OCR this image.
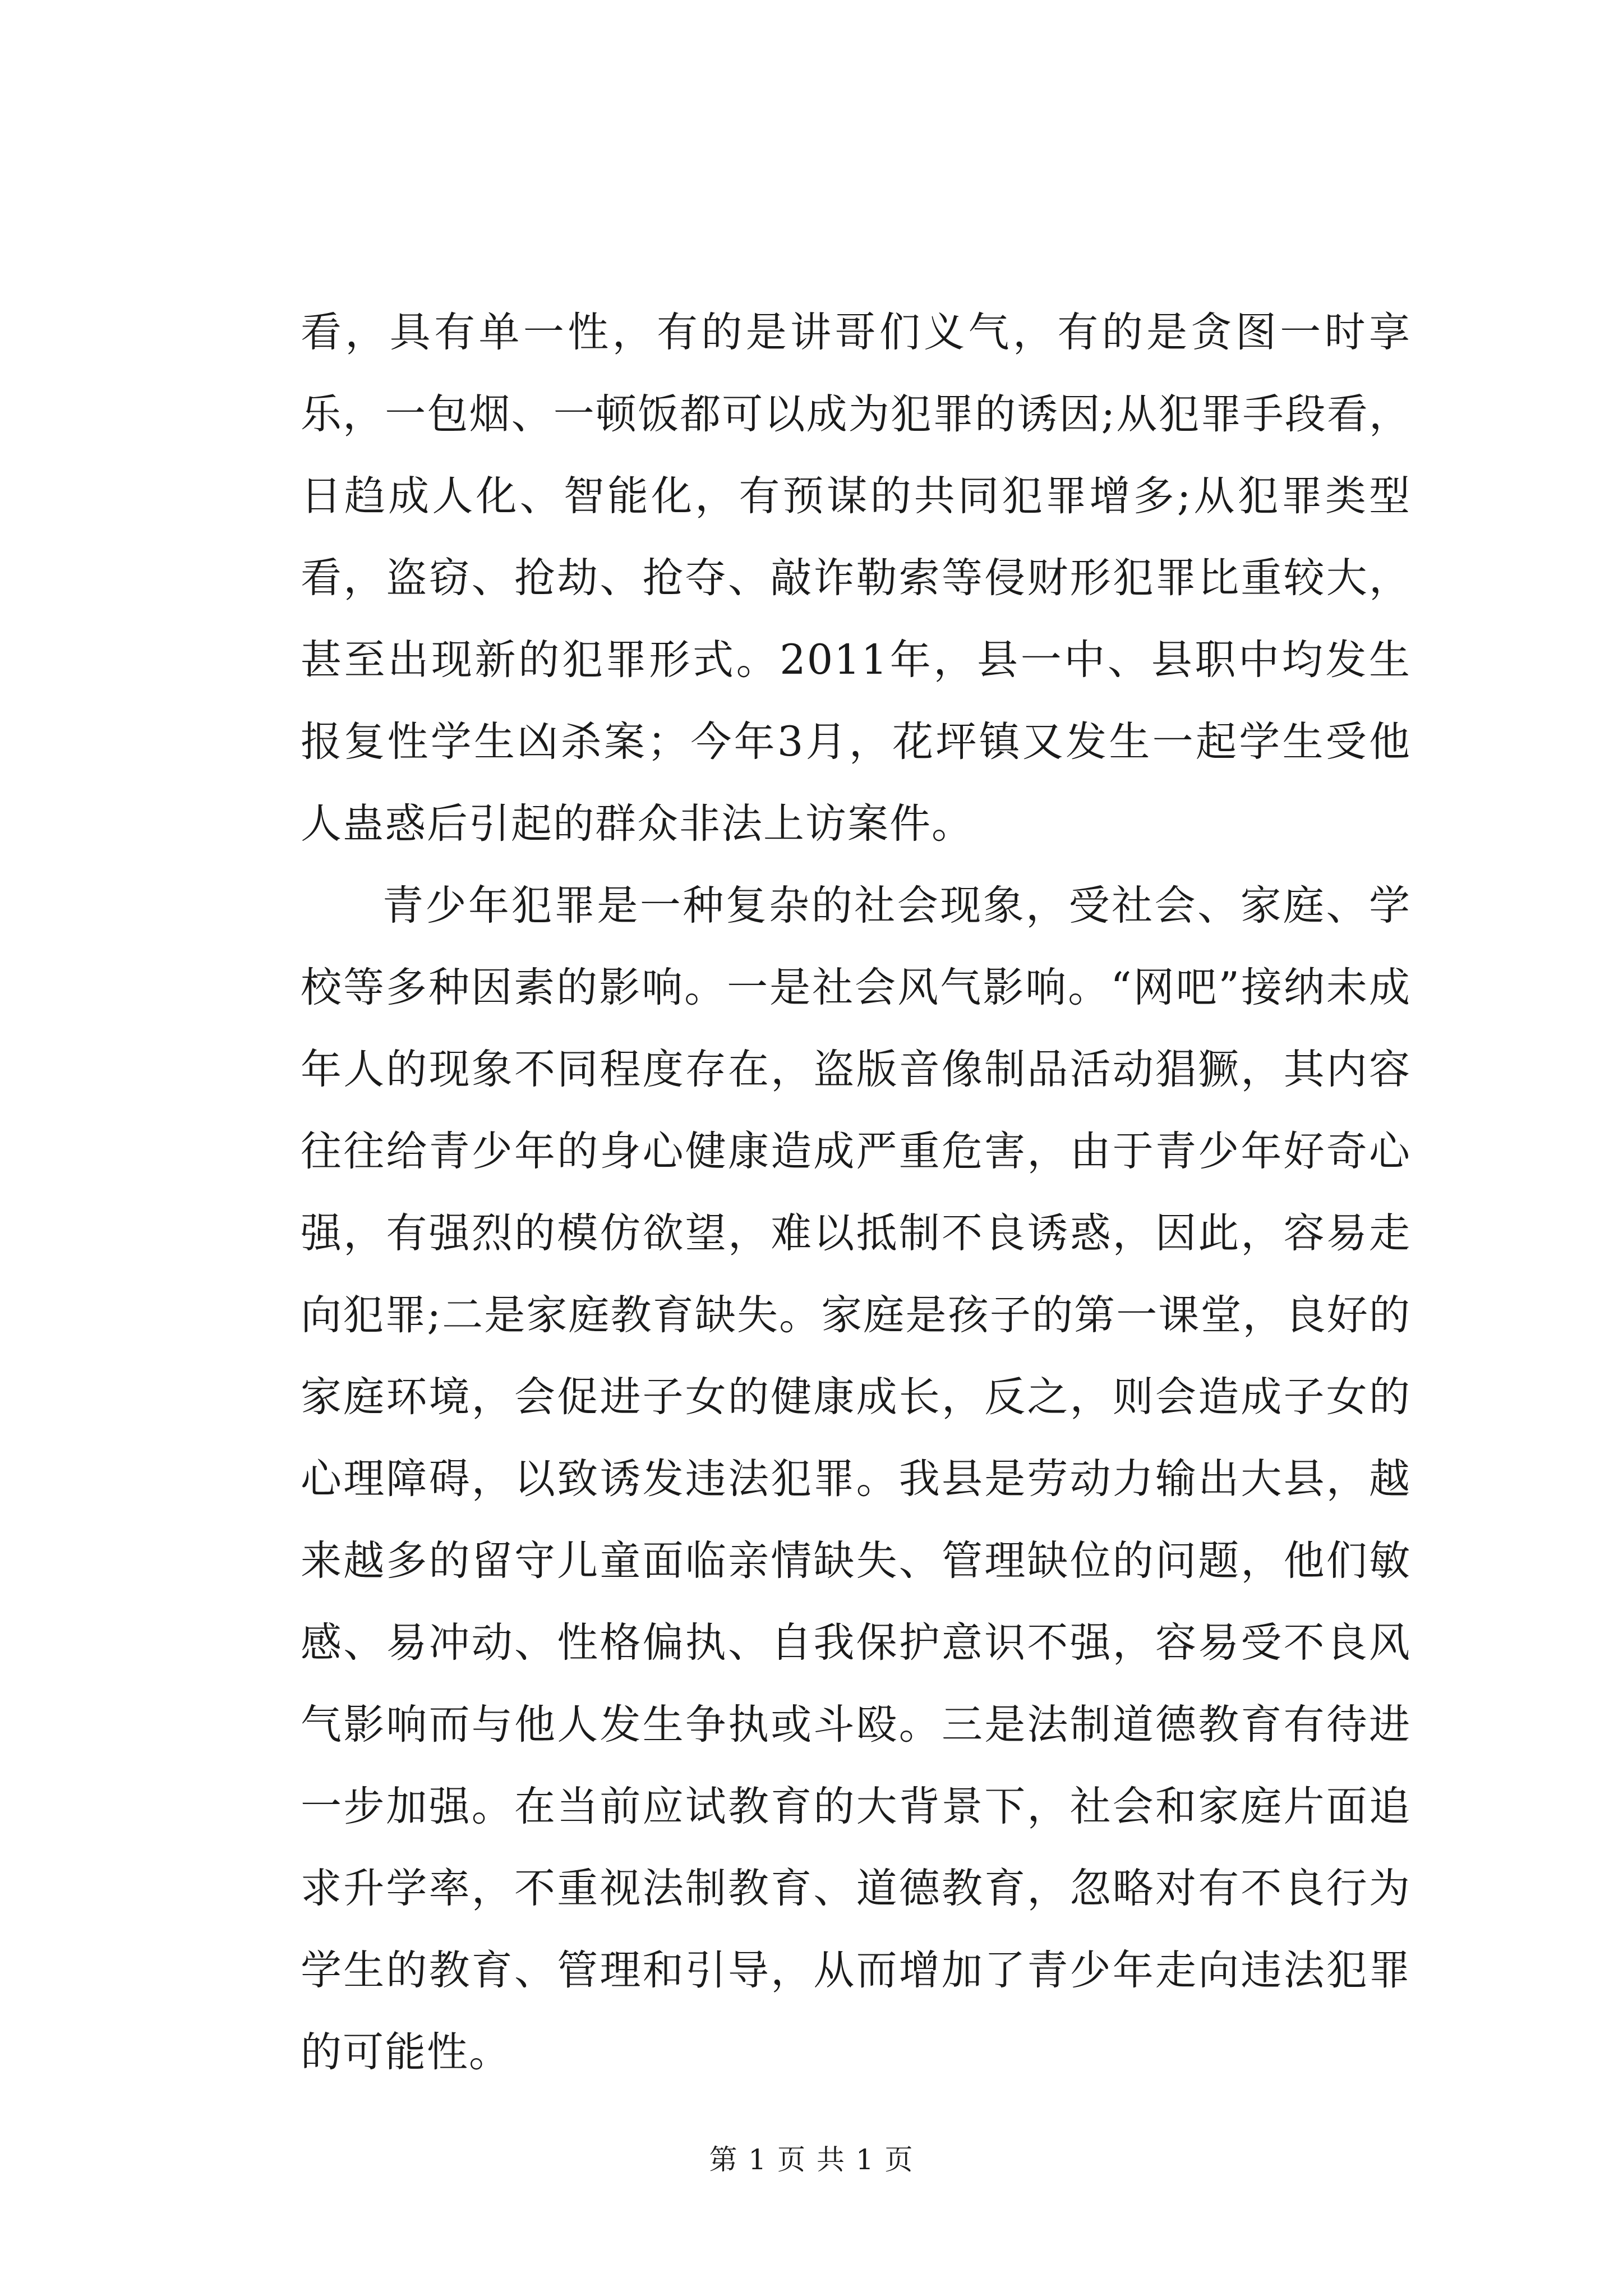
看，具有单一性，有的是讲哥们义气，有的是贪图一时享乐，一包烟、一顿饭都可以成为犯罪的诱因;从犯罪手段看，日趋成人化、智能化，有预谋的共同犯罪增多;从犯罪类型看，盗窃、抢劫、抢夺、敲诈勒索等侵财形犯罪比重较大，甚至出现新的犯罪形式。2011年，县一中、县职中均发生报复性学生凶杀案；今年3月，花坪镇又发生一起学生受他人蛊惑后引起的群众非法上访案件。

青少年犯罪是一种复杂的社会现象，受社会、家庭、学校等多种因素的影响。一是社会风气影响。“网吧”接纳未成年人的现象不同程度存在，盗版音像制品活动猖獗，其内容往往给青少年的身心健康造成严重危害，由于青少年好奇心强，有强烈的模仿欲望，难以抵制不良诱惑，因此，容易走向犯罪;二是家庭教育缺失。家庭是孩子的第一课堂，良好的家庭环境，会促进子女的健康成长，反之，则会造成子女的心理障碍，以致诱发违法犯罪。我县是劳动力输出大县，越来越多的留守儿童面临亲情缺失、管理缺位的问题，他们敏感、易冲动、性格偏执、自我保护意识不强，容易受不良风气影响而与他人发生争执或斗殴。三是法制道德教育有待进一步加强。在当前应试教育的大背景下，社会和家庭片面追求升学率，不重视法制教育、道德教育，忽略对有不良行为学生的教育、管理和引导，从而增加了青少年走向违法犯罪的可能性。

第 1 页 共 1 页
